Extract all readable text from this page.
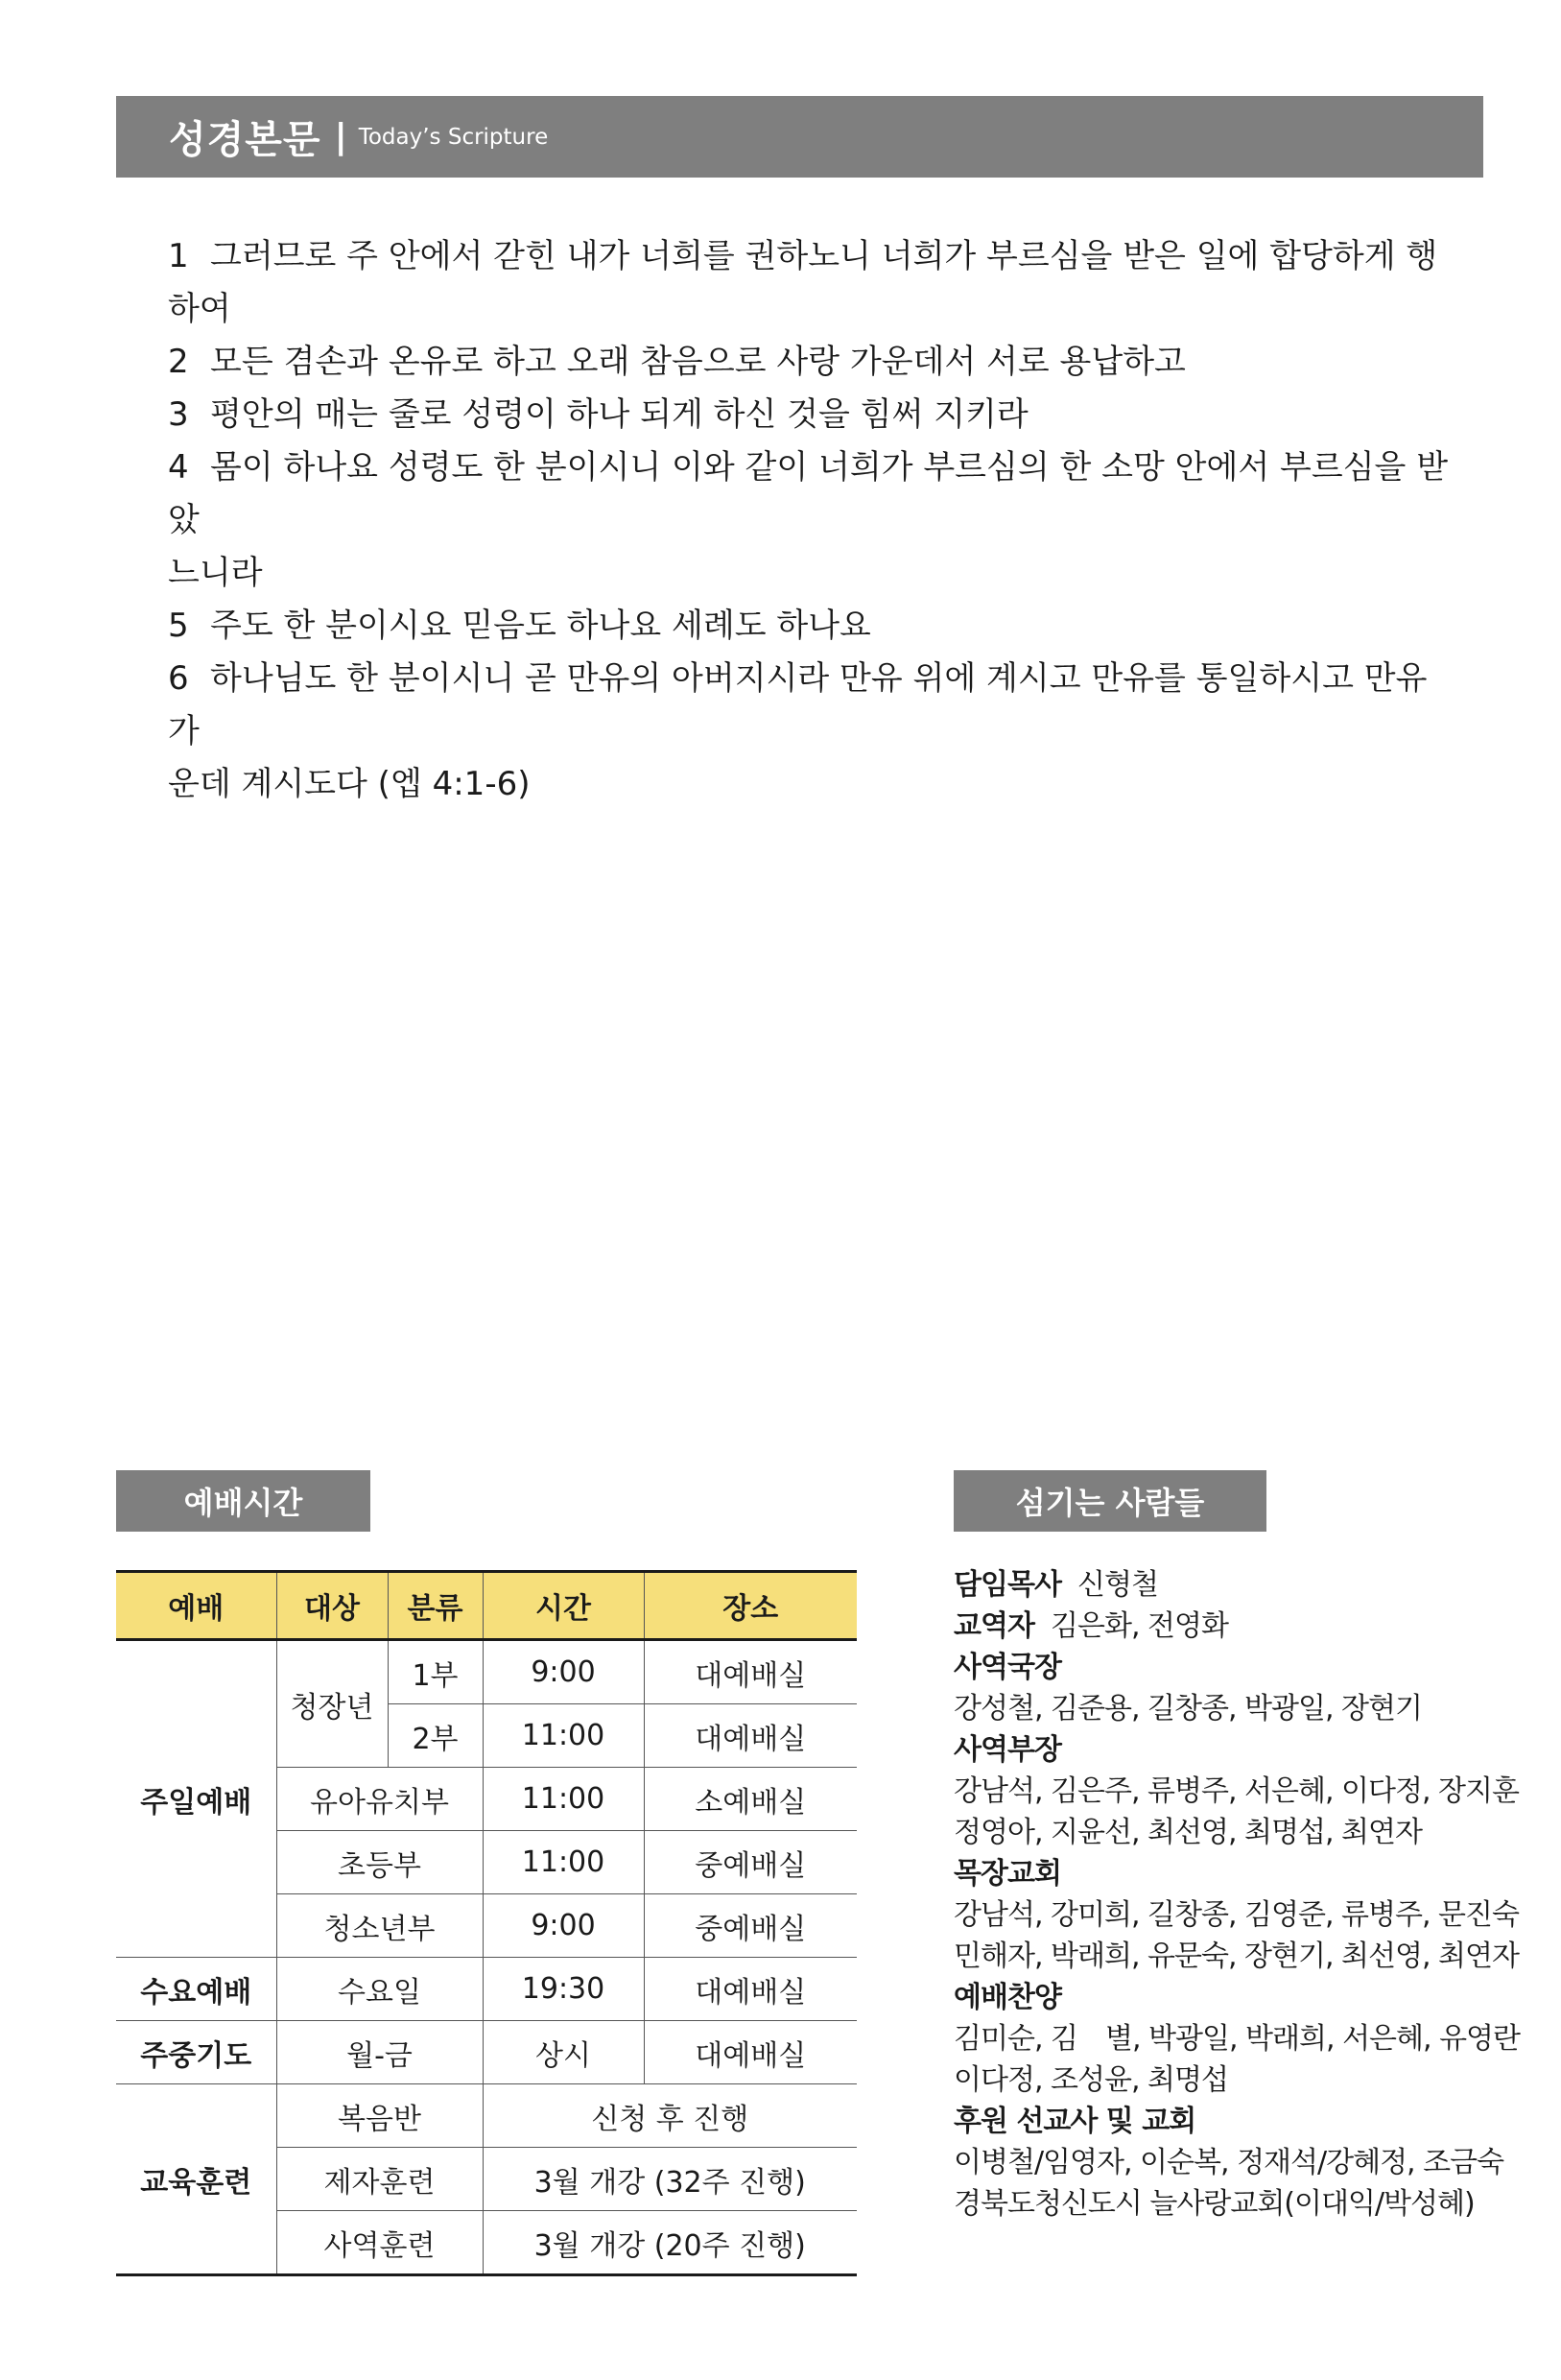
성경본문 | Today’s Scripture
1 그러므로 주 안에서 갇힌 내가 너희를 권하노니 너희가 부르심을 받은 일에 합당하게 행하여
2 모든 겸손과 온유로 하고 오래 참음으로 사랑 가운데서 서로 용납하고
3 평안의 매는 줄로 성령이 하나 되게 하신 것을 힘써 지키라
4 몸이 하나요 성령도 한 분이시니 이와 같이 너희가 부르심의 한 소망 안에서 부르심을 받았
느니라
5 주도 한 분이시요 믿음도 하나요 세례도 하나요
6 하나님도 한 분이시니 곧 만유의 아버지시라 만유 위에 계시고 만유를 통일하시고 만유 가
운데 계시도다 (엡 4:1-6)
예배시간	섬기는 사람들
예배	대상	분류	시간	장소
주일예배	청장년	1부	9:00	대예배실
		2부	11:00	대예배실
	유아유치부		11:00	소예배실
	초등부		11:00	중예배실
	청소년부		9:00	중예배실
수요예배	수요일		19:30	대예배실
주중기도	월-금		상시	대예배실
교육훈련	복음반		신청 후 진행	
	제자훈련		3월 개강 (32주 진행)	
	사역훈련		3월 개강 (20주 진행)	
담임목사 신형철
교역자 김은화, 전영화
사역국장
강성철, 김준용, 길창종, 박광일, 장현기
사역부장
강남석, 김은주, 류병주, 서은혜, 이다정, 장지훈
정영아, 지윤선, 최선영, 최명섭, 최연자
목장교회
강남석, 강미희, 길창종, 김영준, 류병주, 문진숙
민해자, 박래희, 유문숙, 장현기, 최선영, 최연자
예배찬양
김미순, 김　별, 박광일, 박래희, 서은혜, 유영란
이다정, 조성윤, 최명섭
후원 선교사 및 교회
이병철/임영자, 이순복, 정재석/강혜정, 조금숙
경북도청신도시 늘사랑교회(이대익/박성혜)
